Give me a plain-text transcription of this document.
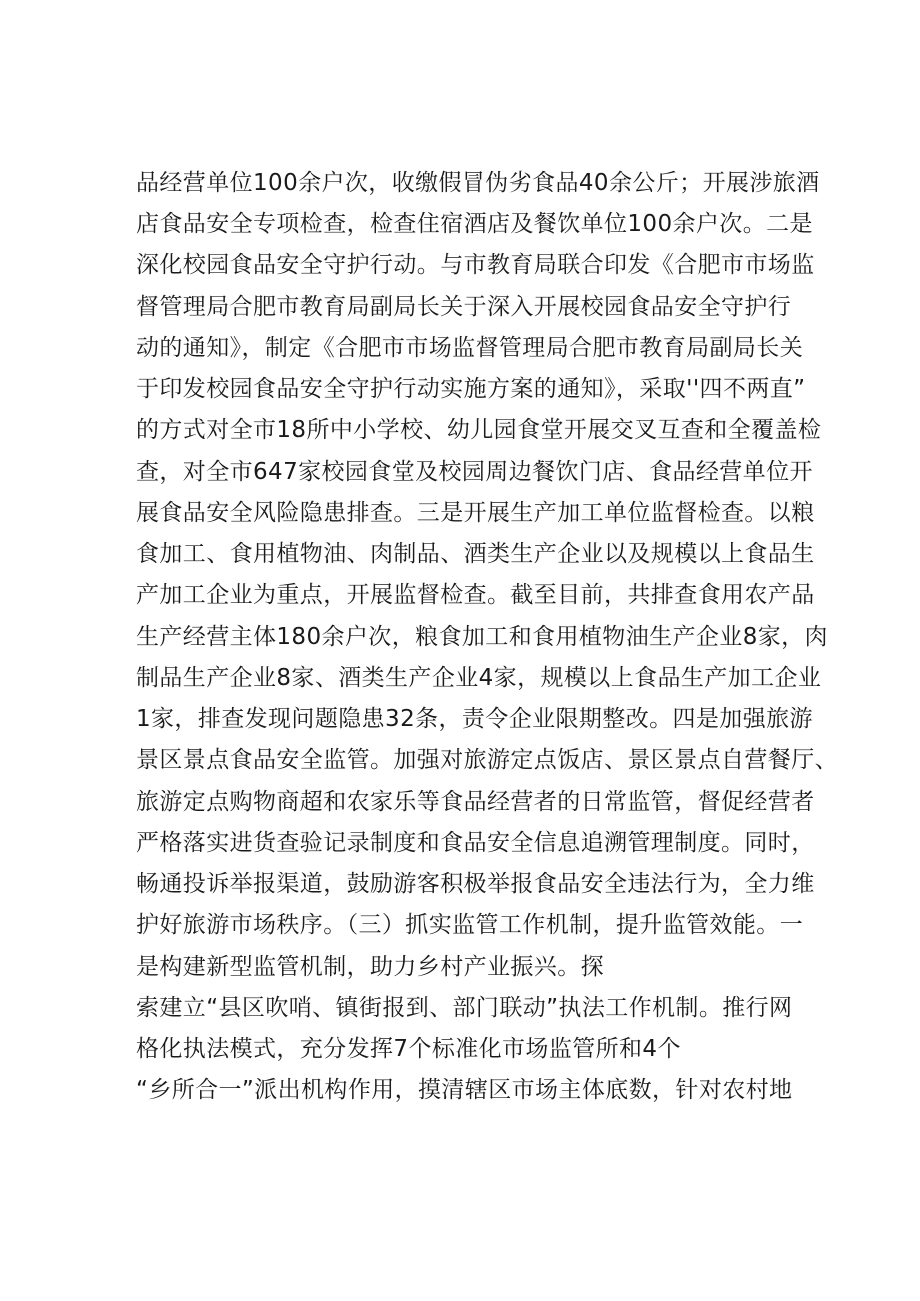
品经营单位100余户次，收缴假冒伪劣食品40余公斤；开展涉旅酒
店食品安全专项检查，检查住宿酒店及餐饮单位100余户次。二是
深化校园食品安全守护行动。与市教育局联合印发《合肥市市场监
督管理局合肥市教育局副局长关于深入开展校园食品安全守护行
动的通知》，制定《合肥市市场监督管理局合肥市教育局副局长关
于印发校园食品安全守护行动实施方案的通知》，采取''四不两直”
的方式对全市18所中小学校、幼儿园食堂开展交叉互查和全覆盖检
查，对全市647家校园食堂及校园周边餐饮门店、食品经营单位开
展食品安全风险隐患排查。三是开展生产加工单位监督检查。以粮
食加工、食用植物油、肉制品、酒类生产企业以及规模以上食品生
产加工企业为重点，开展监督检查。截至目前，共排查食用农产品
生产经营主体180余户次，粮食加工和食用植物油生产企业8家，肉
制品生产企业8家、酒类生产企业4家，规模以上食品生产加工企业
1家，排查发现问题隐患32条，责令企业限期整改。四是加强旅游
景区景点食品安全监管。加强对旅游定点饭店、景区景点自营餐厅、
旅游定点购物商超和农家乐等食品经营者的日常监管，督促经营者
严格落实进货查验记录制度和食品安全信息追溯管理制度。同时，
畅通投诉举报渠道，鼓励游客积极举报食品安全违法行为，全力维
护好旅游市场秩序。（三）抓实监管工作机制，提升监管效能。一
是构建新型监管机制，助力乡村产业振兴。探
索建立“县区吹哨、镇街报到、部门联动”执法工作机制。推行网
格化执法模式，充分发挥7个标准化市场监管所和4个
“乡所合一”派出机构作用，摸清辖区市场主体底数，针对农村地
